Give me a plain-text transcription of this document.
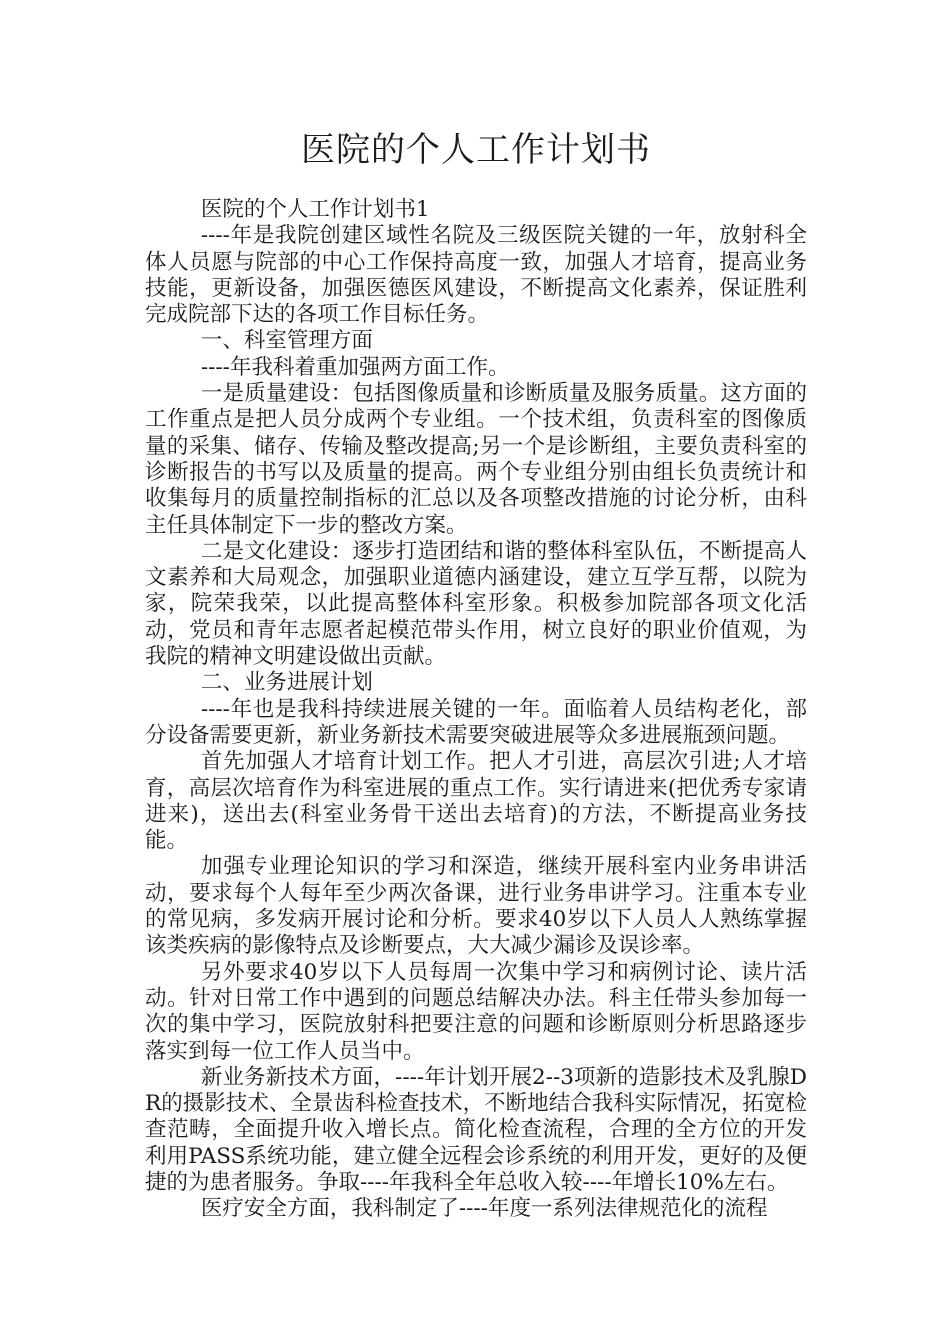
医院的个人工作计划书

医院的个人工作计划书1

----年是我院创建区域性名院及三级医院关键的一年，放射科全体人员愿与院部的中心工作保持高度一致，加强人才培育，提高业务技能，更新设备，加强医德医风建设，不断提高文化素养，保证胜利完成院部下达的各项工作目标任务。

一、科室管理方面

----年我科着重加强两方面工作。

一是质量建设：包括图像质量和诊断质量及服务质量。这方面的工作重点是把人员分成两个专业组。一个技术组，负责科室的图像质量的采集、储存、传输及整改提高;另一个是诊断组，主要负责科室的诊断报告的书写以及质量的提高。两个专业组分别由组长负责统计和收集每月的质量控制指标的汇总以及各项整改措施的讨论分析，由科主任具体制定下一步的整改方案。

二是文化建设：逐步打造团结和谐的整体科室队伍，不断提高人文素养和大局观念，加强职业道德内涵建设，建立互学互帮，以院为家，院荣我荣，以此提高整体科室形象。积极参加院部各项文化活动，党员和青年志愿者起模范带头作用，树立良好的职业价值观，为我院的精神文明建设做出贡献。

二、业务进展计划

----年也是我科持续进展关键的一年。面临着人员结构老化，部分设备需要更新，新业务新技术需要突破进展等众多进展瓶颈问题。

首先加强人才培育计划工作。把人才引进，高层次引进;人才培育，高层次培育作为科室进展的重点工作。实行请进来(把优秀专家请进来)，送出去(科室业务骨干送出去培育)的方法，不断提高业务技能。

加强专业理论知识的学习和深造，继续开展科室内业务串讲活动，要求每个人每年至少两次备课，进行业务串讲学习。注重本专业的常见病，多发病开展讨论和分析。要求40岁以下人员人人熟练掌握该类疾病的影像特点及诊断要点，大大减少漏诊及误诊率。

另外要求40岁以下人员每周一次集中学习和病例讨论、读片活动。针对日常工作中遇到的问题总结解决办法。科主任带头参加每一次的集中学习，医院放射科把要注意的问题和诊断原则分析思路逐步落实到每一位工作人员当中。

新业务新技术方面，----年计划开展2--3项新的造影技术及乳腺DR的摄影技术、全景齿科检查技术，不断地结合我科实际情况，拓宽检查范畴，全面提升收入增长点。简化检查流程，合理的全方位的开发利用PASS系统功能，建立健全远程会诊系统的利用开发，更好的及便捷的为患者服务。争取----年我科全年总收入较----年增长10%左右。

医疗安全方面，我科制定了----年度一系列法律规范化的流程
